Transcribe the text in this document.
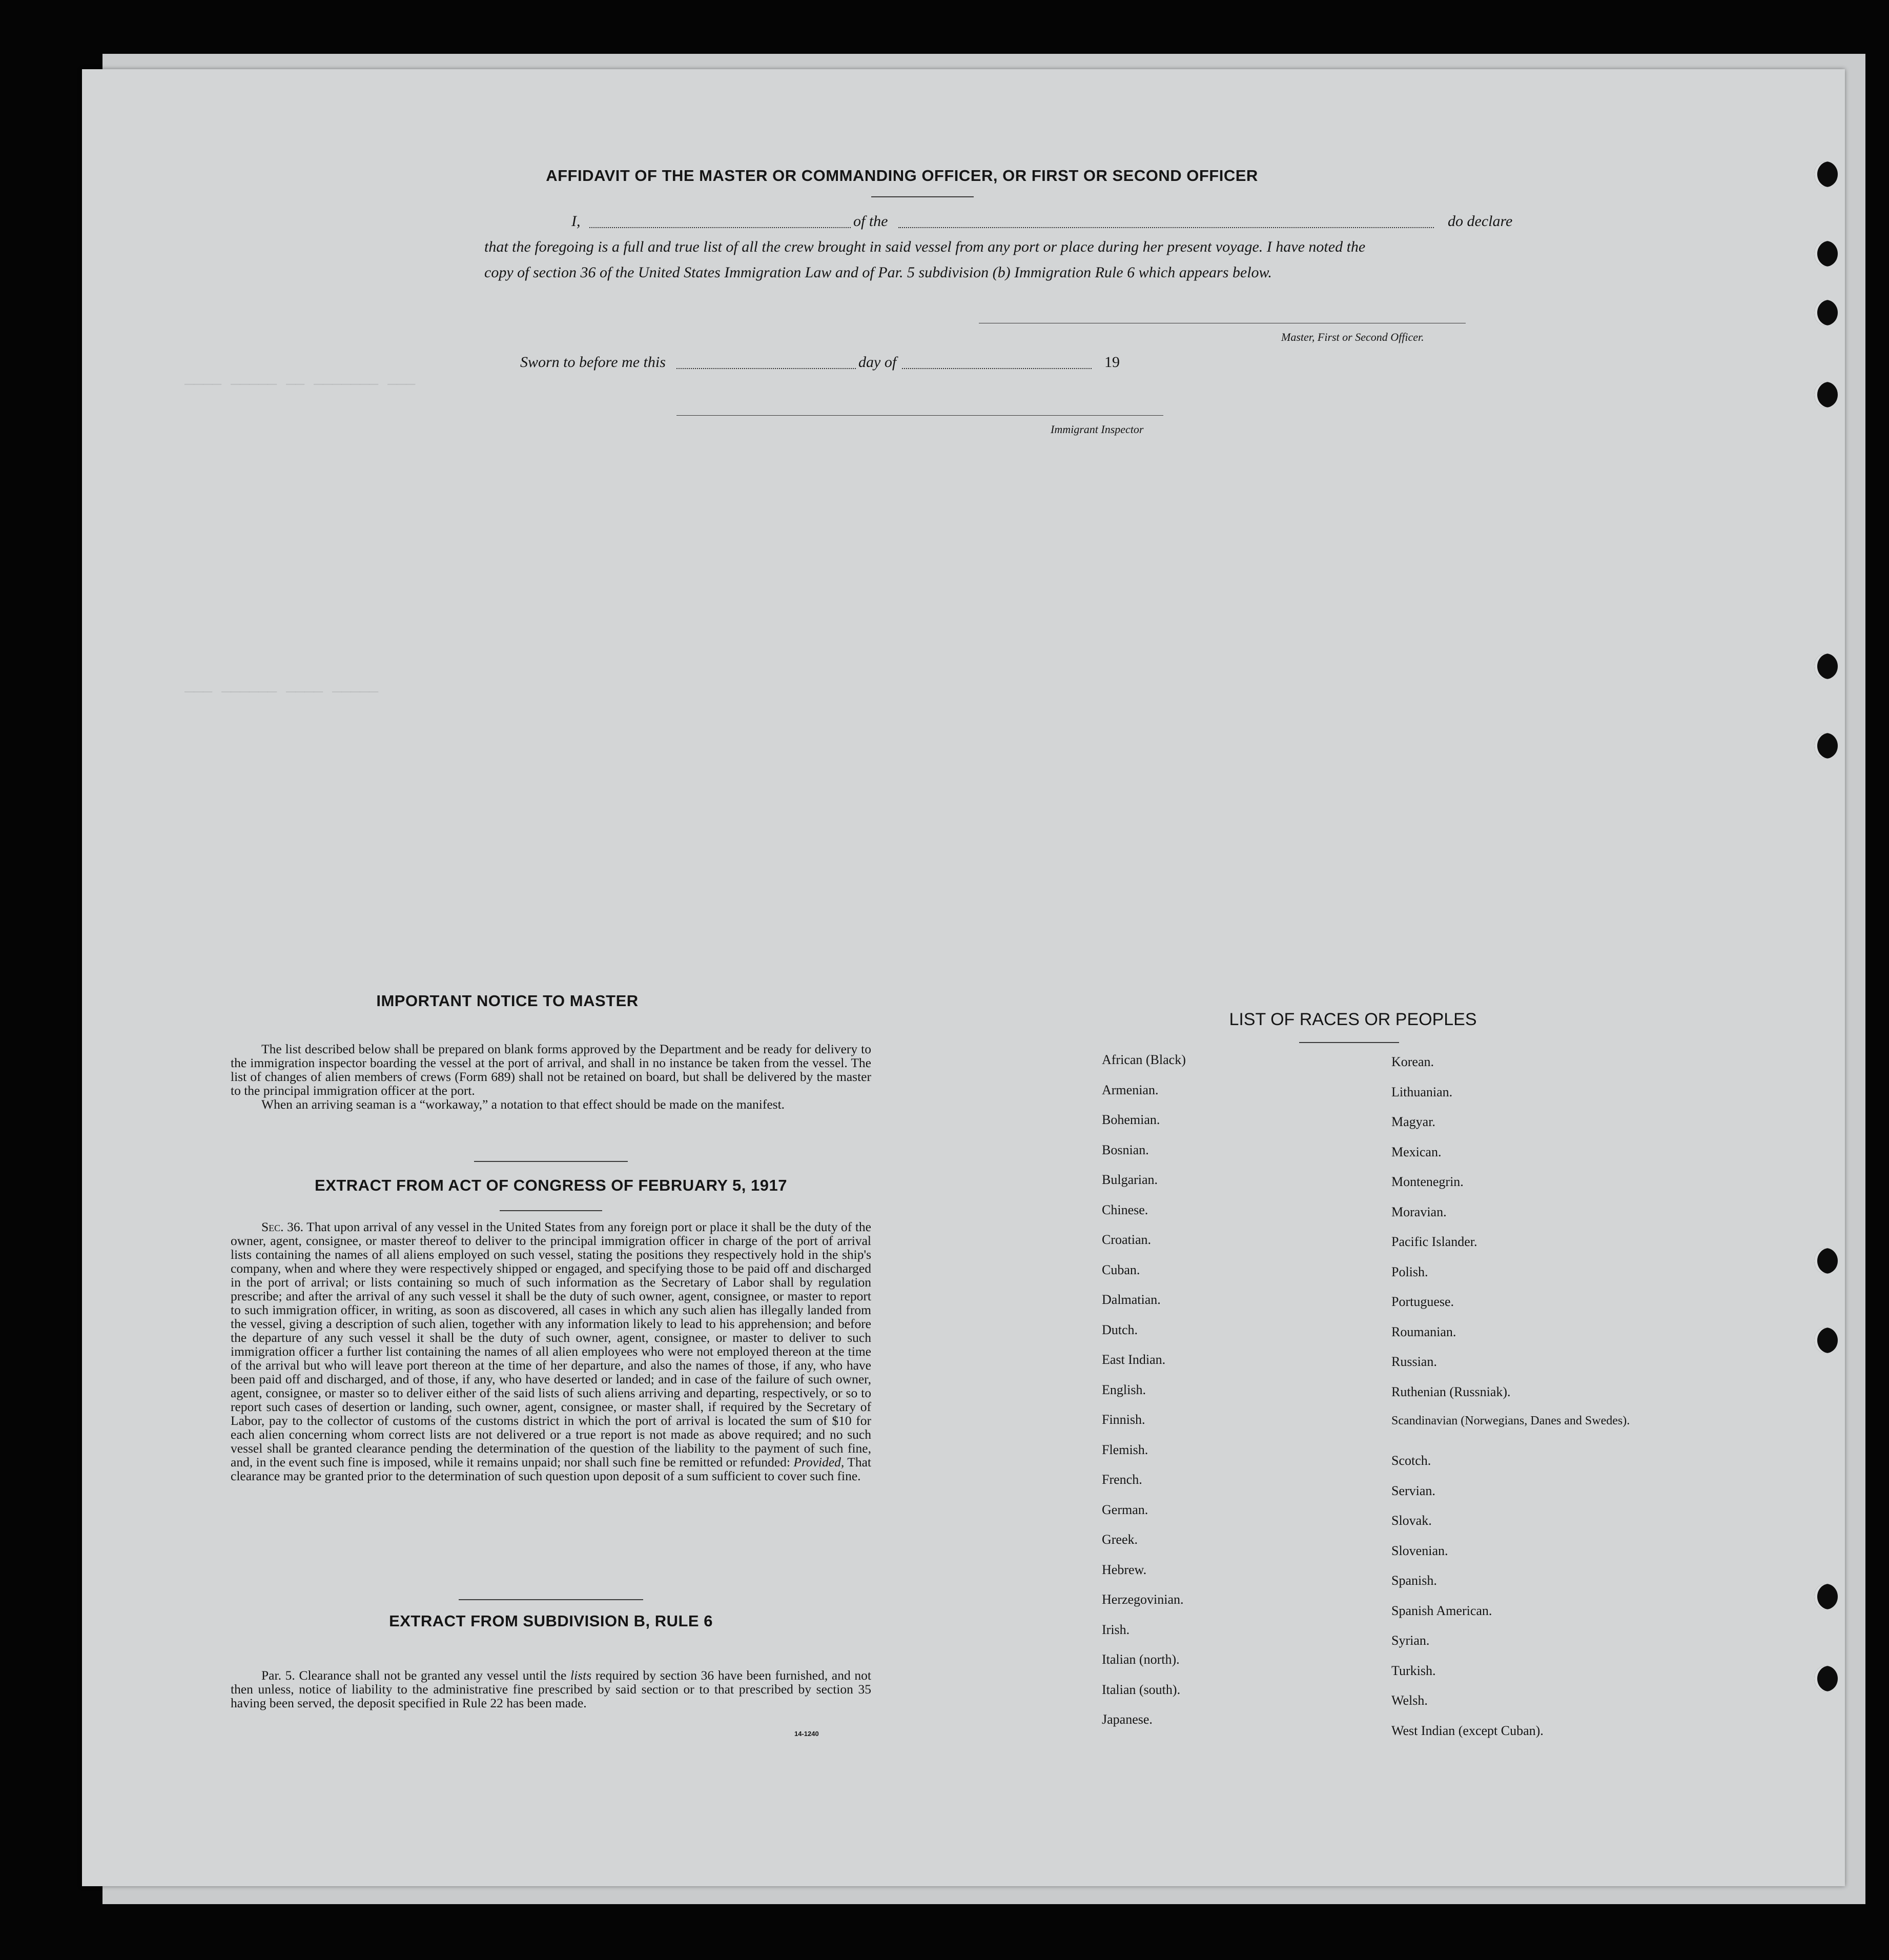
──── ───── ── ─────── ───
─── ────── ──── ─────
AFFIDAVIT OF THE MASTER OR COMMANDING OFFICER, OR FIRST OR SECOND OFFICER
I,	of the	do declare
that the foregoing is a full and true list of all the crew brought in said vessel from any port or place during her present voyage. I have noted the
copy of section 36 of the United States Immigration Law and of Par. 5 subdivision (b) Immigration Rule 6 which appears below.
Master, First or Second Officer.
Sworn to before me this	day of	19
Immigrant Inspector
IMPORTANT NOTICE TO MASTER

The list described below shall be prepared on blank forms approved by the Department and be ready for delivery to the immigration inspector boarding the vessel at the port of arrival, and shall in no instance be taken from the vessel. The list of changes of alien members of crews (Form 689) shall not be retained on board, but shall be delivered by the master to the principal immigration officer at the port.

When an arriving seaman is a “workaway,” a notation to that effect should be made on the manifest.

EXTRACT FROM ACT OF CONGRESS OF FEBRUARY 5, 1917

Sec. 36. That upon arrival of any vessel in the United States from any foreign port or place it shall be the duty of the owner, agent, consignee, or master thereof to deliver to the principal immigration officer in charge of the port of arrival lists containing the names of all aliens employed on such vessel, stating the positions they respectively hold in the ship's company, when and where they were respectively shipped or engaged, and specifying those to be paid off and discharged in the port of arrival; or lists containing so much of such information as the Secretary of Labor shall by regulation prescribe; and after the arrival of any such vessel it shall be the duty of such owner, agent, consignee, or master to report to such immigration officer, in writing, as soon as discovered, all cases in which any such alien has illegally landed from the vessel, giving a description of such alien, together with any information likely to lead to his apprehension; and before the departure of any such vessel it shall be the duty of such owner, agent, consignee, or master to deliver to such immigration officer a further list containing the names of all alien employees who were not employed thereon at the time of the arrival but who will leave port thereon at the time of her departure, and also the names of those, if any, who have been paid off and discharged, and of those, if any, who have deserted or landed; and in case of the failure of such owner, agent, consignee, or master so to deliver either of the said lists of such aliens arriving and departing, respectively, or so to report such cases of desertion or landing, such owner, agent, consignee, or master shall, if required by the Secretary of Labor, pay to the collector of customs of the customs district in which the port of arrival is located the sum of $10 for each alien concerning whom correct lists are not delivered or a true report is not made as above required; and no such vessel shall be granted clearance pending the determination of the question of the liability to the payment of such fine, and, in the event such fine is imposed, while it remains unpaid; nor shall such fine be remitted or refunded: Provided, That clearance may be granted prior to the determination of such question upon deposit of a sum sufficient to cover such fine.

EXTRACT FROM SUBDIVISION B, RULE 6

Par. 5. Clearance shall not be granted any vessel until the lists required by section 36 have been furnished, and not then unless, notice of liability to the administrative fine prescribed by said section or to that prescribed by section 35 having been served, the deposit specified in Rule 22 has been made.

14-1240
LIST OF RACES OR PEOPLES
African (Black)
Armenian.
Bohemian.
Bosnian.
Bulgarian.
Chinese.
Croatian.
Cuban.
Dalmatian.
Dutch.
East Indian.
English.
Finnish.
Flemish.
French.
German.
Greek.
Hebrew.
Herzegovinian.
Irish.
Italian (north).
Italian (south).
Japanese.
Korean.
Lithuanian.
Magyar.
Mexican.
Montenegrin.
Moravian.
Pacific Islander.
Polish.
Portuguese.
Roumanian.
Russian.
Ruthenian (Russniak).
Scandinavian (Norwegians, Danes and Swedes).
Scotch.
Servian.
Slovak.
Slovenian.
Spanish.
Spanish American.
Syrian.
Turkish.
Welsh.
West Indian (except Cuban).
